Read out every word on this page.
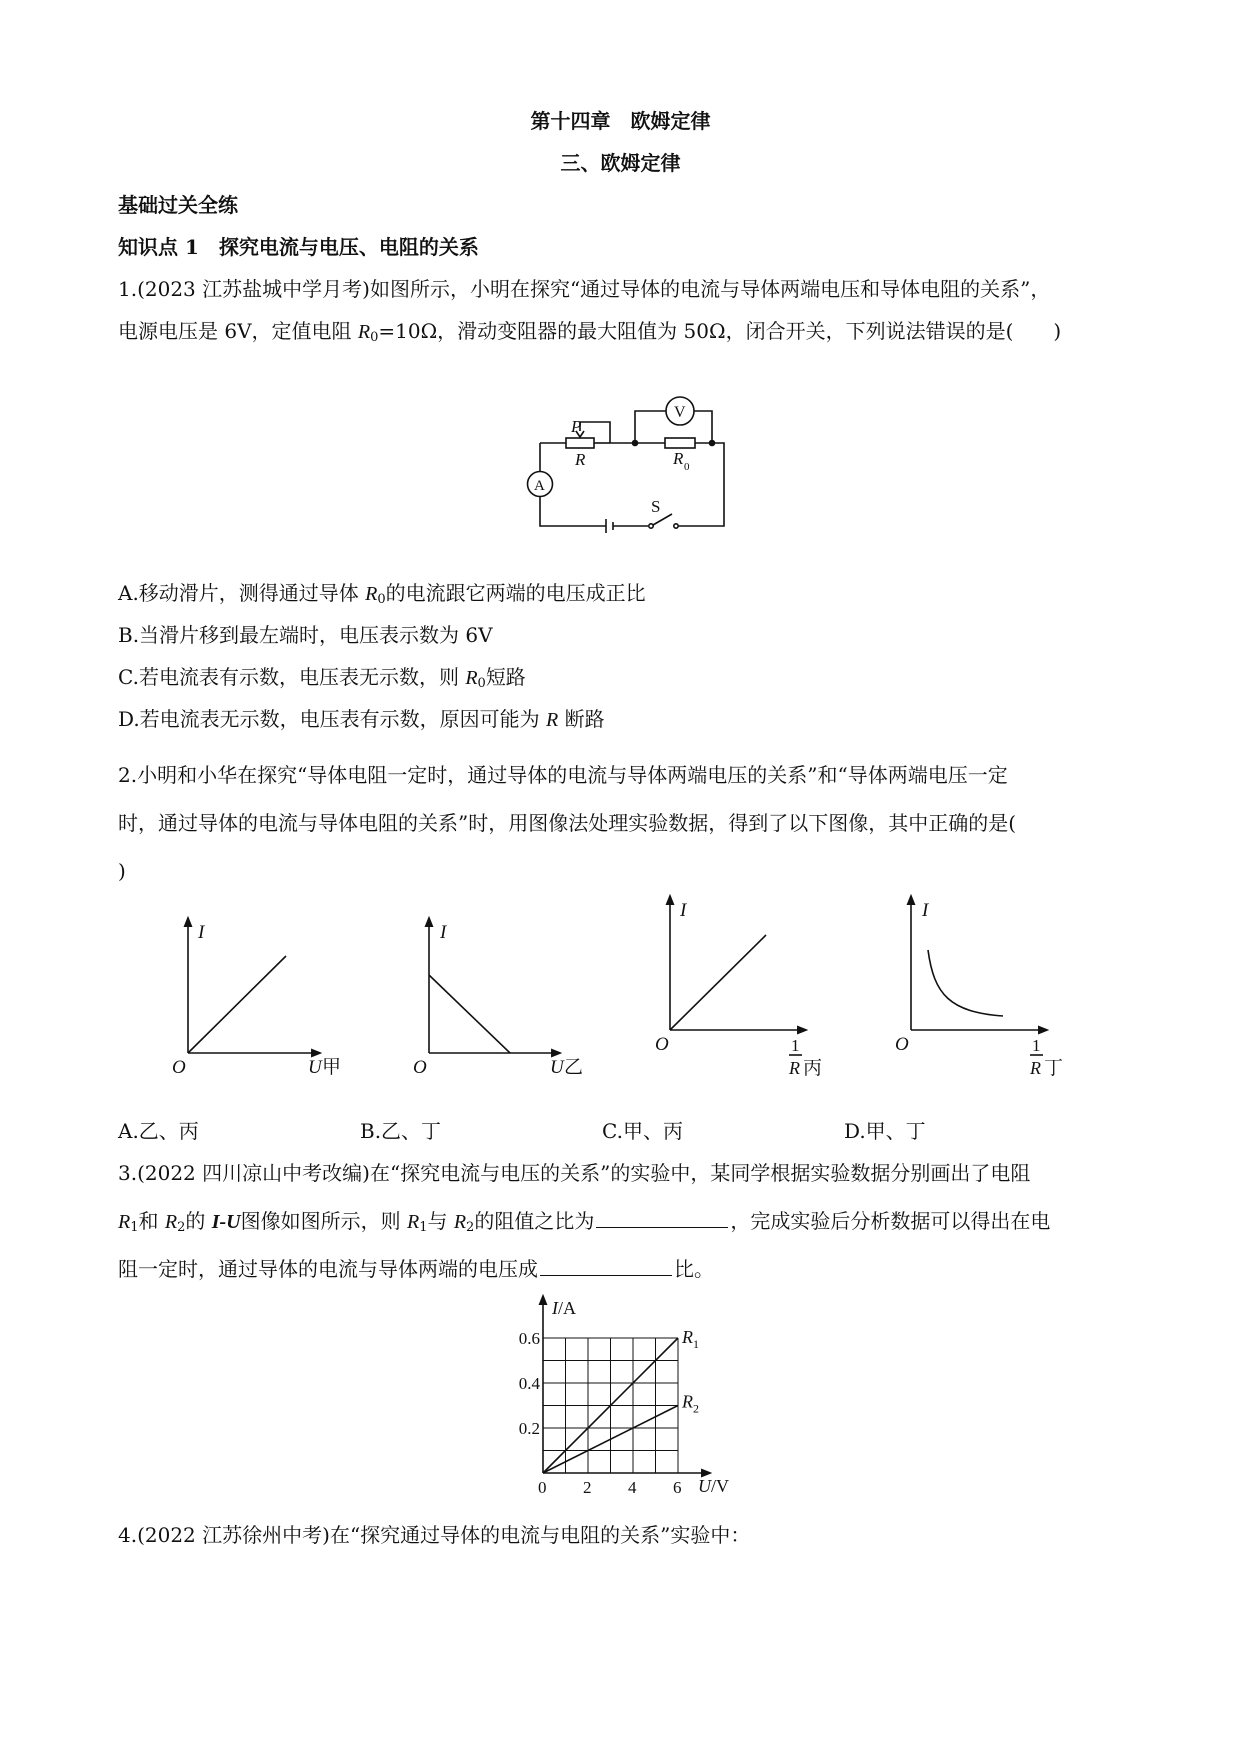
第十四章　欧姆定律
三、欧姆定律
基础过关全练
知识点 1　探究电流与电压、电阻的关系
1.(2023 江苏盐城中学月考)如图所示，小明在探究“通过导体的电流与导体两端电压和导体电阻的关系”，
电源电压是 6V，定值电阻 $R_0=10\Omega$，滑动变阻器的最大阻值为 50Ω，闭合开关，下列说法错误的是(　　)
P
R	R 0
V
A
S
A.移动滑片，测得通过导体 $R_0$的电流跟它两端的电压成正比
B.当滑片移到最左端时，电压表示数为 6V
C.若电流表有示数，电压表无示数，则 $R_0$短路
D.若电流表无示数，电压表有示数，原因可能为 R 断路
2.小明和小华在探究“导体电阻一定时，通过导体的电流与导体两端电压的关系”和“导体两端电压一定
时，通过导体的电流与导体电阻的关系”时，用图像法处理实验数据，得到了以下图像，其中正确的是(
)
I
O	U 甲
I
O	U 乙
I
O	1
R 丙
I
O	1
R 丁
A.乙、丙	B.乙、丁	C.甲、丙	D.甲、丁
3.(2022 四川凉山中考改编)在“探究电流与电压的关系”的实验中，某同学根据实验数据分别画出了电阻
$R_1$和 $R_2$的 I-U图像如图所示，则 $R_1$与 $R_2$的阻值之比为	，完成实验后分析数据可以得出在电
阻一定时，通过导体的电流与导体两端的电压成	比。
$R_1$
$R_2$
0 2 4 6
0.2
0.4
0.6
I/A
U/V
4.(2022 江苏徐州中考)在“探究通过导体的电流与电阻的关系”实验中：
